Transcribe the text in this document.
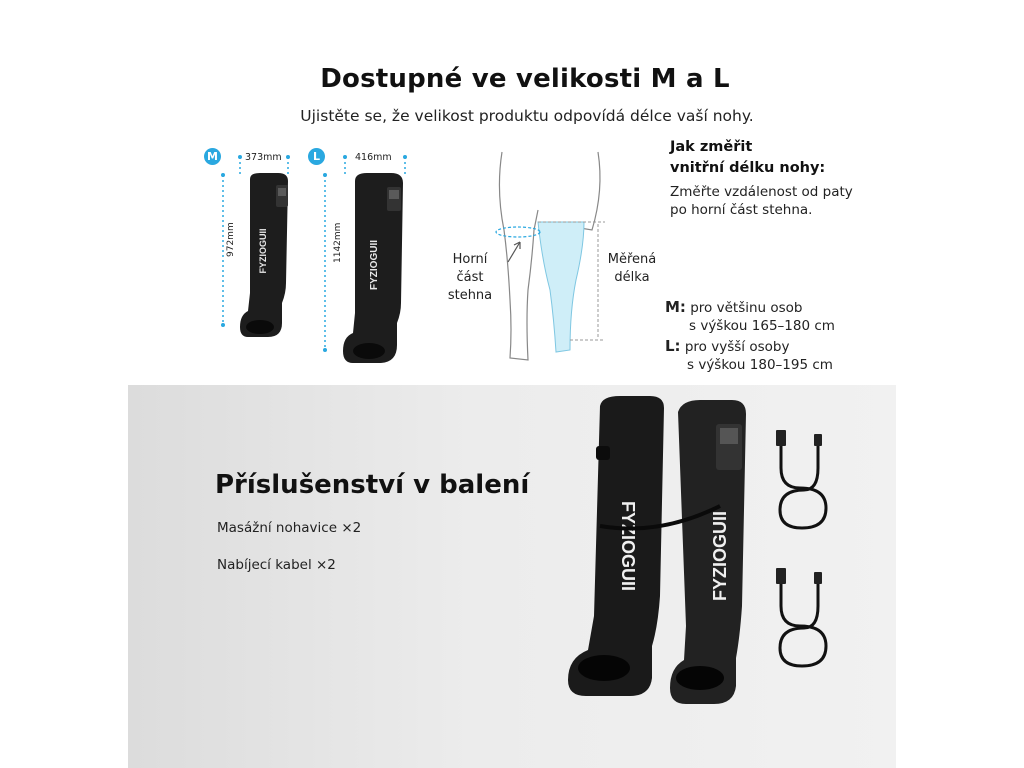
Dostupné ve velikosti M a L
Ujistěte se, že velikost produktu odpovídá délce vaší nohy.
M	373mm
972mm FYZIOGUII
L	416mm
1142mm	FYZIOGUII	Horní
část
stehna
Měřená
délka
Jak změřit
vnitřní délku nohy:
Změřte vzdálenost od paty
po horní část stehna.
M: pro většinu osob
s výškou 165–180 cm
L: pro vyšší osoby
s výškou 180–195 cm
Příslušenství v balení
Masážní nohavice ×2
Nabíjecí kabel ×2	FYZIOGUII	FYZIOGUII
